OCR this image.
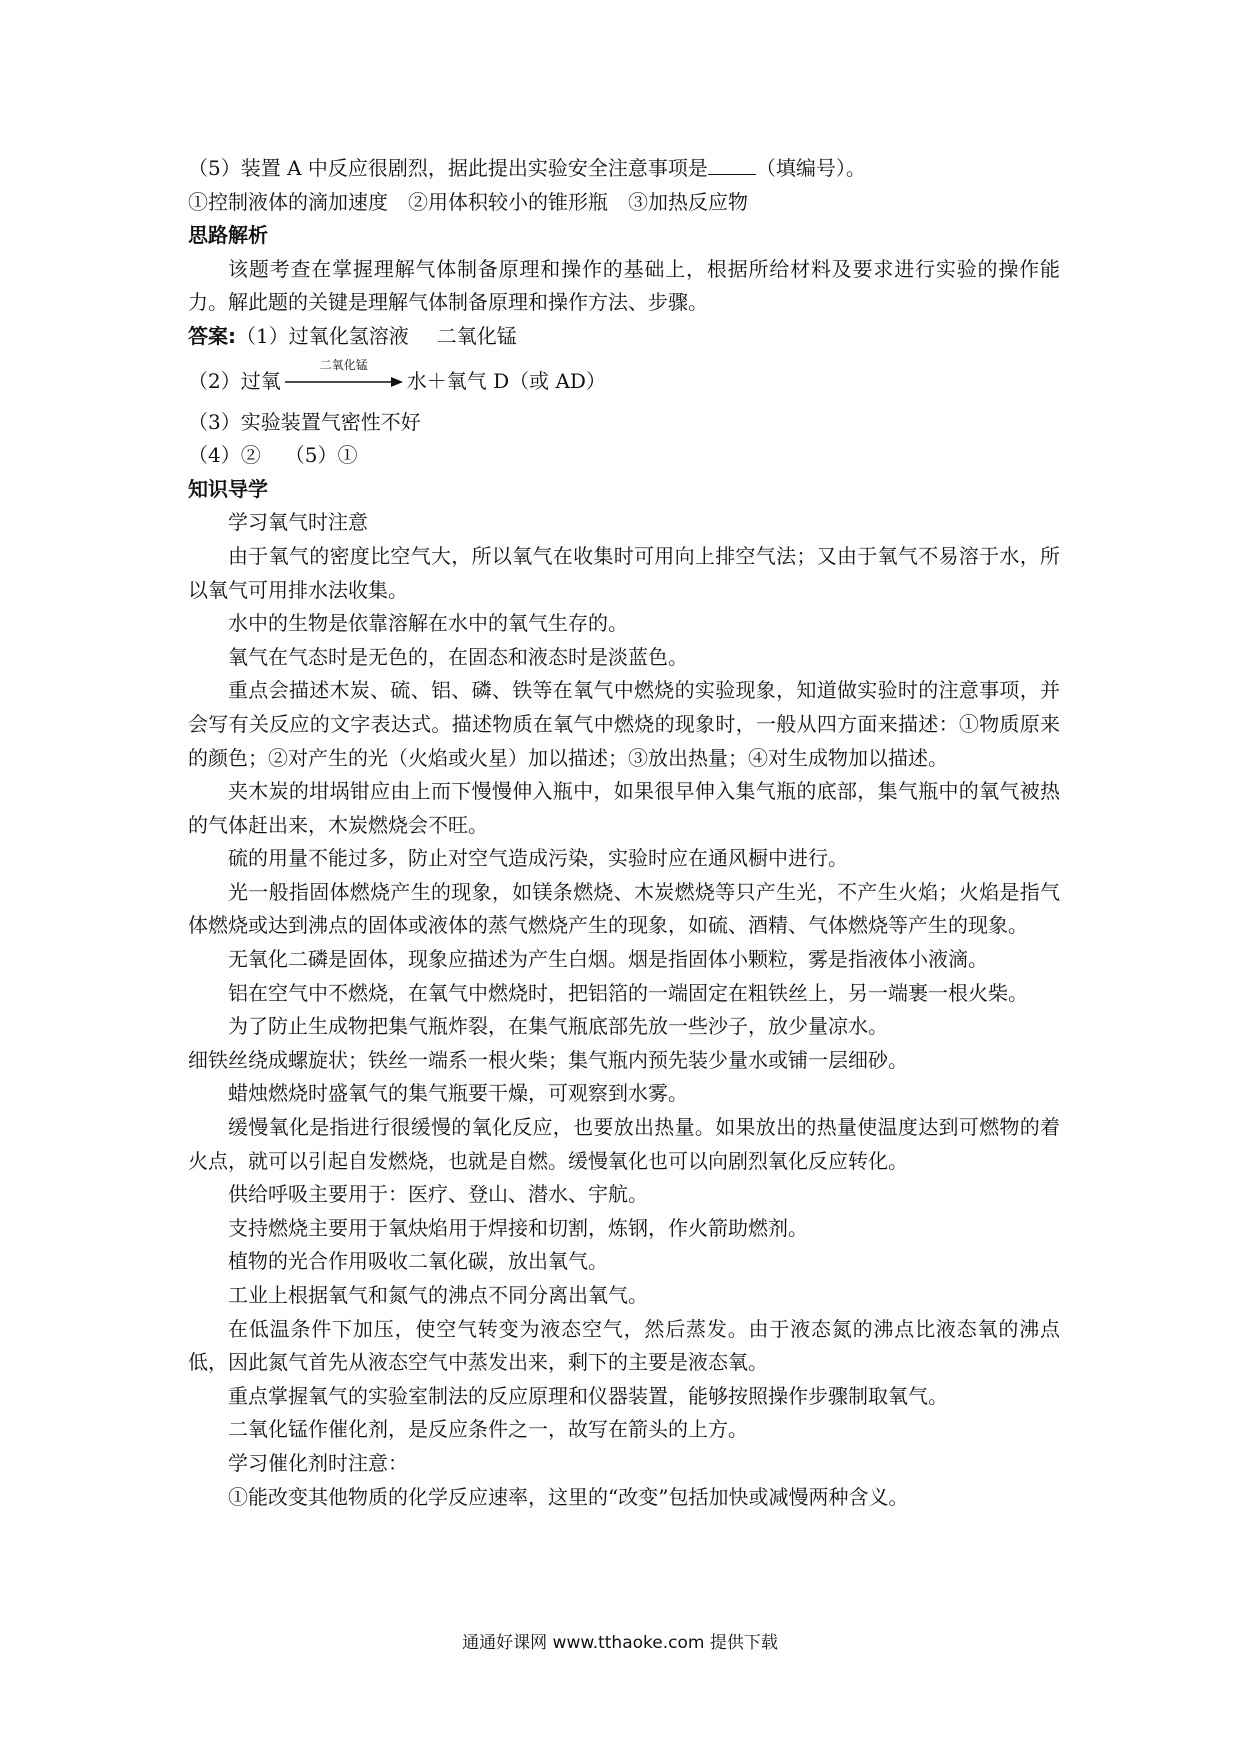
（5）装置 A 中反应很剧烈，据此提出实验安全注意事项是 （填编号）。
①控制液体的滴加速度　②用体积较小的锥形瓶　③加热反应物
思路解析

该题考查在掌握理解气体制备原理和操作的基础上，根据所给材料及要求进行实验的操作能力。解此题的关键是理解气体制备原理和操作方法、步骤。

答案:（1）过氧化氢溶液 二氧化锰
（2）过氧
二氧化锰
水＋氧气 D（或 AD）
（3）实验装置气密性不好
（4）② （5）①
知识导学

学习氧气时注意

由于氧气的密度比空气大，所以氧气在收集时可用向上排空气法；又由于氧气不易溶于水，所以氧气可用排水法收集。

水中的生物是依靠溶解在水中的氧气生存的。

氧气在气态时是无色的，在固态和液态时是淡蓝色。

重点会描述木炭、硫、铝、磷、铁等在氧气中燃烧的实验现象，知道做实验时的注意事项，并会写有关反应的文字表达式。描述物质在氧气中燃烧的现象时，一般从四方面来描述：①物质原来的颜色；②对产生的光（火焰或火星）加以描述；③放出热量；④对生成物加以描述。

夹木炭的坩埚钳应由上而下慢慢伸入瓶中，如果很早伸入集气瓶的底部，集气瓶中的氧气被热的气体赶出来，木炭燃烧会不旺。

硫的用量不能过多，防止对空气造成污染，实验时应在通风橱中进行。

光一般指固体燃烧产生的现象，如镁条燃烧、木炭燃烧等只产生光，不产生火焰；火焰是指气体燃烧或达到沸点的固体或液体的蒸气燃烧产生的现象，如硫、酒精、气体燃烧等产生的现象。

无氧化二磷是固体，现象应描述为产生白烟。烟是指固体小颗粒，雾是指液体小液滴。

铝在空气中不燃烧，在氧气中燃烧时，把铝箔的一端固定在粗铁丝上，另一端裹一根火柴。

为了防止生成物把集气瓶炸裂，在集气瓶底部先放一些沙子，放少量凉水。

细铁丝绕成螺旋状；铁丝一端系一根火柴；集气瓶内预先装少量水或铺一层细砂。

蜡烛燃烧时盛氧气的集气瓶要干燥，可观察到水雾。

缓慢氧化是指进行很缓慢的氧化反应，也要放出热量。如果放出的热量使温度达到可燃物的着火点，就可以引起自发燃烧，也就是自燃。缓慢氧化也可以向剧烈氧化反应转化。

供给呼吸主要用于：医疗、登山、潜水、宇航。

支持燃烧主要用于氧炔焰用于焊接和切割，炼钢，作火箭助燃剂。

植物的光合作用吸收二氧化碳，放出氧气。

工业上根据氧气和氮气的沸点不同分离出氧气。

在低温条件下加压，使空气转变为液态空气，然后蒸发。由于液态氮的沸点比液态氧的沸点低，因此氮气首先从液态空气中蒸发出来，剩下的主要是液态氧。

重点掌握氧气的实验室制法的反应原理和仪器装置，能够按照操作步骤制取氧气。

二氧化锰作催化剂，是反应条件之一，故写在箭头的上方。

学习催化剂时注意：

①能改变其他物质的化学反应速率，这里的“改变”包括加快或减慢两种含义。

通通好课网 www.tthaoke.com 提供下载
